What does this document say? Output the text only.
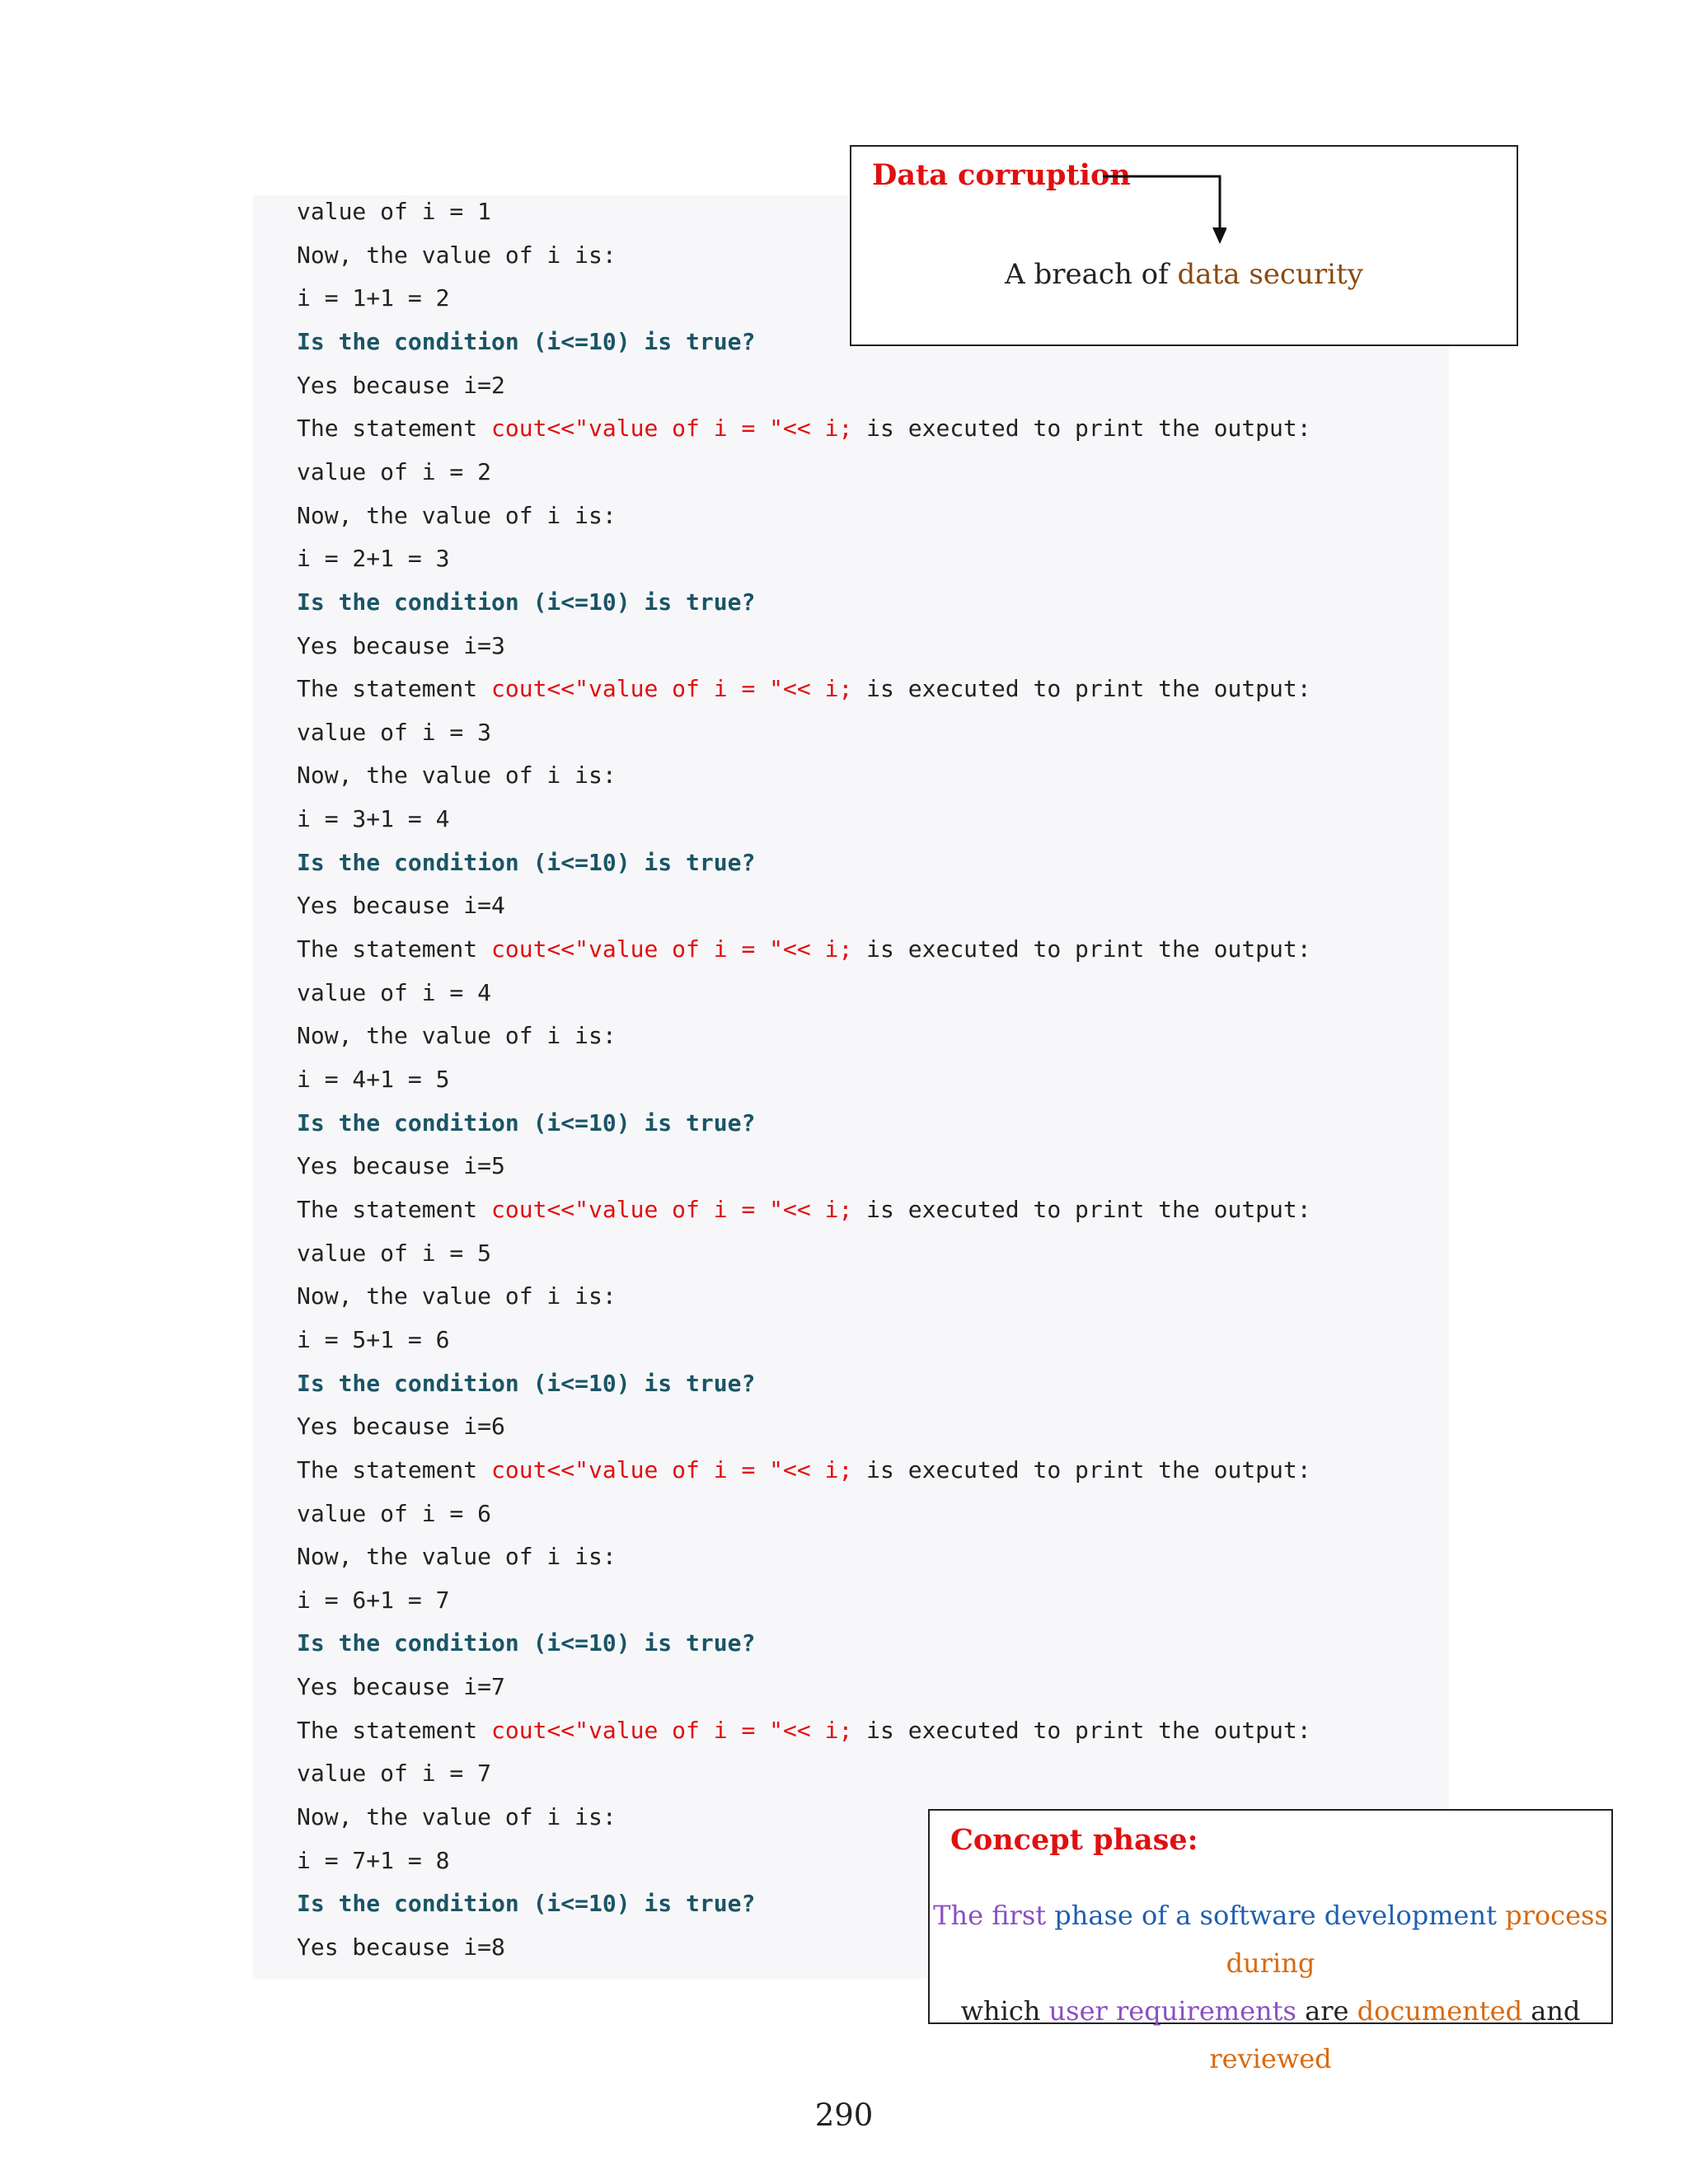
value of i = 1
Now, the value of i is:
i = 1+1 = 2
Is the condition (i<=10) is true?
Yes because i=2
The statement cout<<"value of i = "<< i; is executed to print the output:
value of i = 2
Now, the value of i is:
i = 2+1 = 3
Is the condition (i<=10) is true?
Yes because i=3
The statement cout<<"value of i = "<< i; is executed to print the output:
value of i = 3
Now, the value of i is:
i = 3+1 = 4
Is the condition (i<=10) is true?
Yes because i=4
The statement cout<<"value of i = "<< i; is executed to print the output:
value of i = 4
Now, the value of i is:
i = 4+1 = 5
Is the condition (i<=10) is true?
Yes because i=5
The statement cout<<"value of i = "<< i; is executed to print the output:
value of i = 5
Now, the value of i is:
i = 5+1 = 6
Is the condition (i<=10) is true?
Yes because i=6
The statement cout<<"value of i = "<< i; is executed to print the output:
value of i = 6
Now, the value of i is:
i = 6+1 = 7
Is the condition (i<=10) is true?
Yes because i=7
The statement cout<<"value of i = "<< i; is executed to print the output:
value of i = 7
Now, the value of i is:
i = 7+1 = 8
Is the condition (i<=10) is true?
Yes because i=8
Data corruption
A breach of data security
Concept phase:
The first phase of a software development process during
which user requirements are documented and reviewed
290
